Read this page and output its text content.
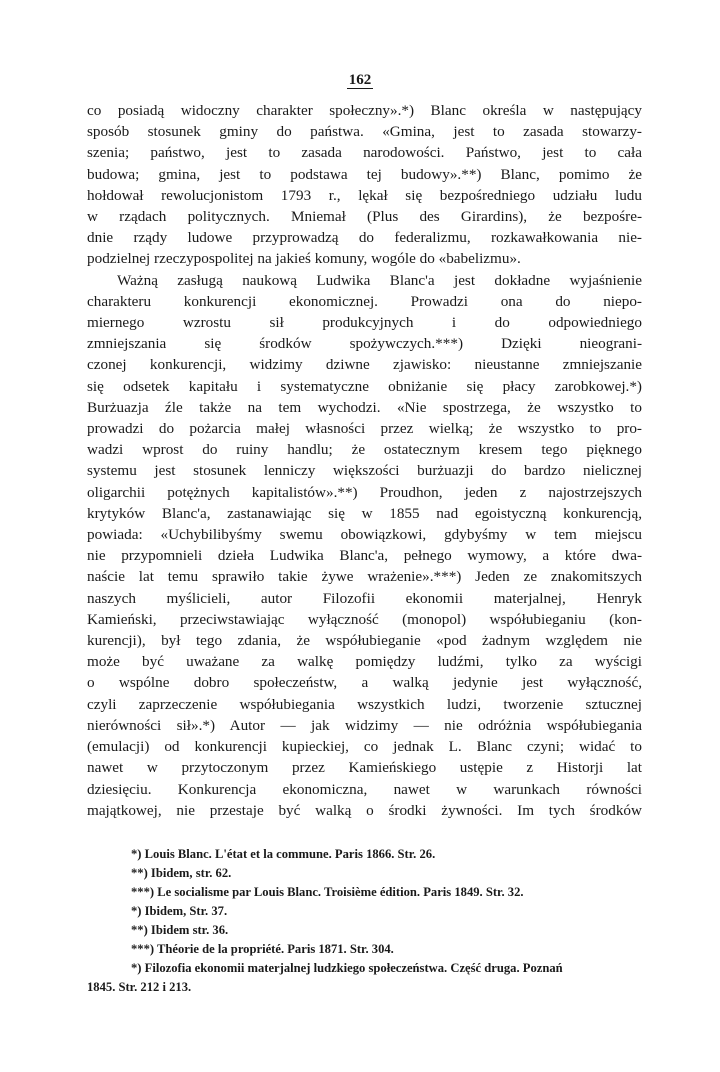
162
co posiadą widoczny charakter społeczny».*) Blanc określa w następujący
sposób stosunek gminy do państwa. «Gmina, jest to zasada stowarzy-
szenia; państwo, jest to zasada narodowości. Państwo, jest to cała
budowa; gmina, jest to podstawa tej budowy».**) Blanc, pomimo że
hołdował rewolucjonistom 1793 r., lękał się bezpośredniego udziału ludu
w rządach politycznych. Mniemał (Plus des Girardins), że bezpośre-
dnie rządy ludowe przyprowadzą do federalizmu, rozkawałkowania nie-
podzielnej rzeczypospolitej na jakieś komuny, wogóle do «babelizmu».
Ważną zasługą naukową Ludwika Blanc'a jest dokładne wyjaśnienie
charakteru konkurencji ekonomicznej. Prowadzi ona do niepo-
miernego wzrostu sił produkcyjnych i do odpowiedniego
zmniejszania się środków spożywczych.***) Dzięki nieograni-
czonej konkurencji, widzimy dziwne zjawisko: nieustanne zmniejszanie
się odsetek kapitału i systematyczne obniżanie się płacy zarobkowej.*)
Burżuazja źle także na tem wychodzi. «Nie spostrzega, że wszystko to
prowadzi do pożarcia małej własności przez wielką; że wszystko to pro-
wadzi wprost do ruiny handlu; że ostatecznym kresem tego pięknego
systemu jest stosunek lenniczy większości burżuazji do bardzo nielicznej
oligarchii potężnych kapitalistów».**) Proudhon, jeden z najostrzejszych
krytyków Blanc'a, zastanawiając się w 1855 nad egoistyczną konkurencją,
powiada: «Uchybilibyśmy swemu obowiązkowi, gdybyśmy w tem miejscu
nie przypomnieli dzieła Ludwika Blanc'a, pełnego wymowy, a które dwa-
naście lat temu sprawiło takie żywe wrażenie».***) Jeden ze znakomitszych
naszych myślicieli, autor Filozofii ekonomii materjalnej, Henryk
Kamieński, przeciwstawiając wyłączność (monopol) współubieganiu (kon-
kurencji), był tego zdania, że współubieganie «pod żadnym względem nie
może być uważane za walkę pomiędzy ludźmi, tylko za wyścigi
o wspólne dobro społeczeństw, a walką jedynie jest wyłączność,
czyli zaprzeczenie współubiegania wszystkich ludzi, tworzenie sztucznej
nierówności sił».*) Autor — jak widzimy — nie odróżnia współubiegania
(emulacji) od konkurencji kupieckiej, co jednak L. Blanc czyni; widać to
nawet w przytoczonym przez Kamieńskiego ustępie z Historji lat
dziesięciu. Konkurencja ekonomiczna, nawet w warunkach równości
majątkowej, nie przestaje być walką o środki żywności. Im tych środków
*) Louis Blanc. L'état et la commune. Paris 1866. Str. 26.
**) Ibidem, str. 62.
***) Le socialisme par Louis Blanc. Troisième édition. Paris 1849. Str. 32.
*) Ibidem, Str. 37.
**) Ibidem str. 36.
***) Théorie de la propriété. Paris 1871. Str. 304.
*) Filozofia ekonomii materjalnej ludzkiego społeczeństwa. Część druga. Poznań
1845. Str. 212 i 213.
